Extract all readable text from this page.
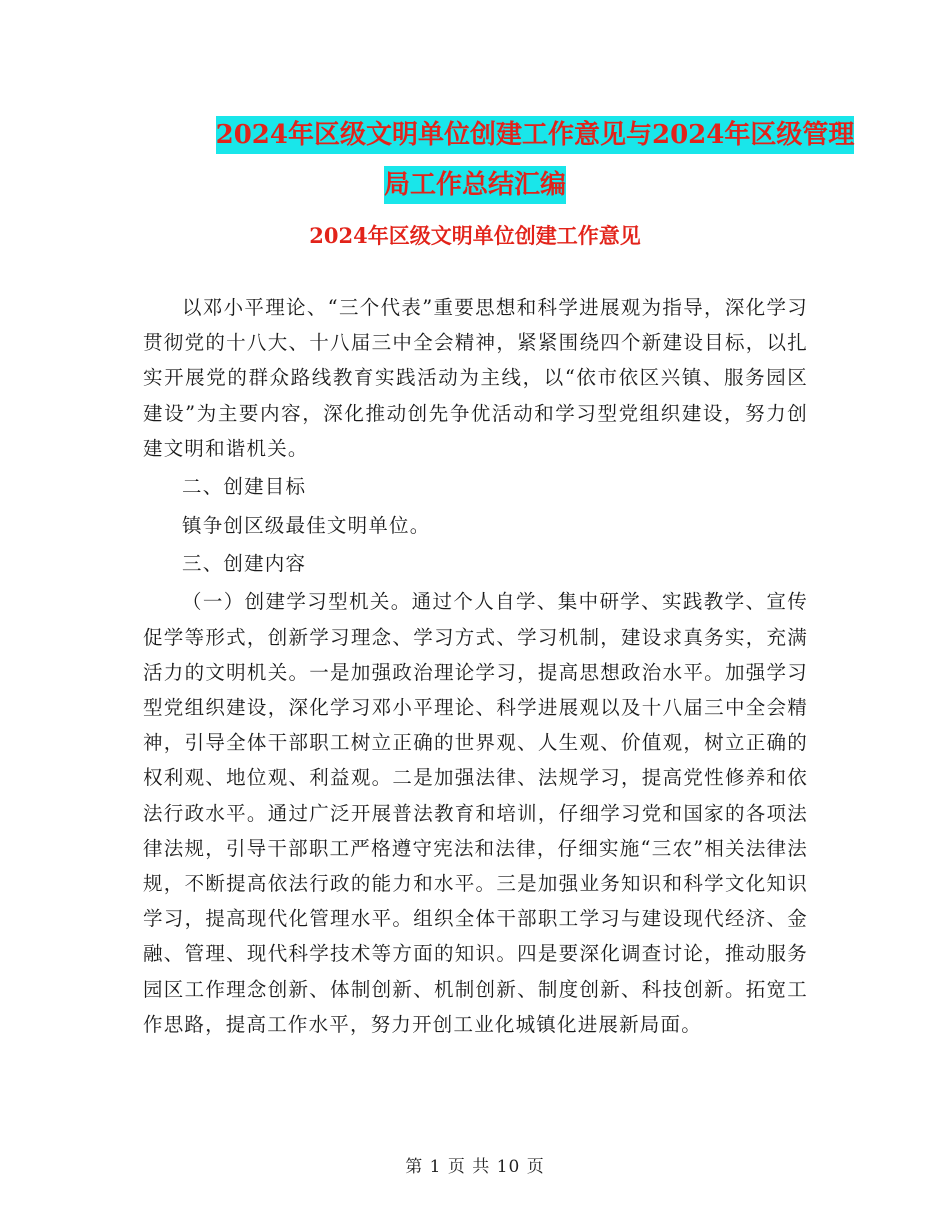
2024年区级文明单位创建工作意见与2024年区级管理
局工作总结汇编
2024年区级文明单位创建工作意见

以邓小平理论、“三个代表”重要思想和科学进展观为指导，深化学习贯彻党的十八大、十八届三中全会精神，紧紧围绕四个新建设目标，以扎实开展党的群众路线教育实践活动为主线，以“依市依区兴镇、服务园区建设”为主要内容，深化推动创先争优活动和学习型党组织建设，努力创建文明和谐机关。

二、创建目标

镇争创区级最佳文明单位。

三、创建内容

（一）创建学习型机关。通过个人自学、集中研学、实践教学、宣传促学等形式，创新学习理念、学习方式、学习机制，建设求真务实，充满活力的文明机关。一是加强政治理论学习，提高思想政治水平。加强学习型党组织建设，深化学习邓小平理论、科学进展观以及十八届三中全会精神，引导全体干部职工树立正确的世界观、人生观、价值观，树立正确的权利观、地位观、利益观。二是加强法律、法规学习，提高党性修养和依法行政水平。通过广泛开展普法教育和培训，仔细学习党和国家的各项法律法规，引导干部职工严格遵守宪法和法律，仔细实施“三农”相关法律法规，不断提高依法行政的能力和水平。三是加强业务知识和科学文化知识学习，提高现代化管理水平。组织全体干部职工学习与建设现代经济、金融、管理、现代科学技术等方面的知识。四是要深化调查讨论，推动服务园区工作理念创新、体制创新、机制创新、制度创新、科技创新。拓宽工作思路，提高工作水平，努力开创工业化城镇化进展新局面。

第 1 页 共 10 页
